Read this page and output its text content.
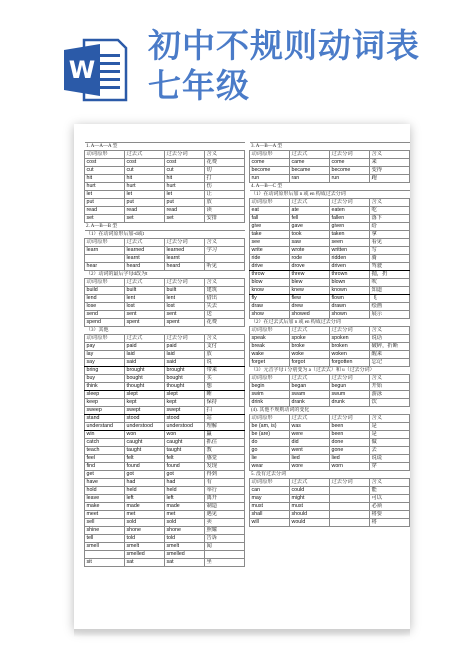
W
初中不规则动词表
七年级
1. A—A—A 型			
动词原形	过去式	过去分词	含义
cost	cost	cost	花费
cut	cut	cut	切
hit	hit	hit	打
hurt	hurt	hurt	伤
let	let	let	让
put	put	put	放
read	read	read	读
set	set	set	安排
2. A—B—B 型			
（1）在动词原形后加-d或t			
动词原形	过去式	过去分词	含义
learn	learned	learned	学习
	learnt	learnt	
hear	heard	heard	听见
（2）动词的最后字母d改为t			
动词原形	过去式	过去分词	含义
build	built	built	建筑
lend	lent	lent	借出
lose	lost	lost	失去
send	sent	sent	送
spend	spent	spent	花费
（3）其他			
动词原形	过去式	过去分词	含义
pay	paid	paid	支付
lay	laid	laid	放
say	said	said	说
bring	brought	brought	带来
buy	bought	bought	买
think	thought	thought	想
sleep	slept	slept	睡
keep	kept	kept	保持
sweep	swept	swept	扫
stand	stood	stood	站
understand	understood	understood	理解
win	won	won	赢
catch	caught	caught	抓住
teach	taught	taught	教
feel	felt	felt	感觉
find	found	found	发现
get	got	got	得到
have	had	had	有
hold	held	held	举行
leave	left	left	离开
make	made	made	制造
meet	met	met	遇见
sell	sold	sold	卖
shine	shone	shone	照耀
tell	told	told	告诉
smell	smelt	smelt	闻
	smelled	smelled	
sit	sat	sat	坐
3. A—B—A 型			
动词原形	过去式	过去分词	含义
come	came	come	来
become	became	become	变得
run	ran	run	跑
4. A—B—C 型			
（1）在动词原形后加 n 或 en 构成过去分词			
动词原形	过去式	过去分词	含义
eat	ate	eaten	吃
fall	fell	fallen	落下
give	gave	given	给
take	took	taken	拿
see	saw	seen	看见
write	wrote	written	写
ride	rode	ridden	骑
drive	drove	driven	驾驶
throw	threw	thrown	抛，扔
blow	blew	blown	吹
know	knew	known	知道
fly	flew	flown	飞
draw	drew	drawn	绘画
show	showed	shown	展示
（2）在过去式后加 n 或 en 构成过去分词			
动词原形	过去式	过去分词	含义
speak	spoke	spoken	说话
break	broke	broken	破碎，折断
wake	woke	woken	醒来
forget	forgot	forgotten	忘记
（3）元音字母 i 分别变为 a（过去式）和 u（过去分词）			
动词原形	过去式	过去分词	含义
begin	began	begun	开始
swim	swam	swum	游泳
drink	drank	drunk	饮
(4). 其他不规则动词的变化			
动词原形	过去式	过去分词	含义
be (am, is)	was	been	是
be (are)	were	been	是
do	did	done	做
go	went	gone	去
lie	lied	lied	说谎
wear	wore	worn	穿
5. 没有过去分词			
动词原形	过去式	过去分词	含义
can	could		能
may	might		可以
must	must		必须
shall	should		将要
will	would		将
